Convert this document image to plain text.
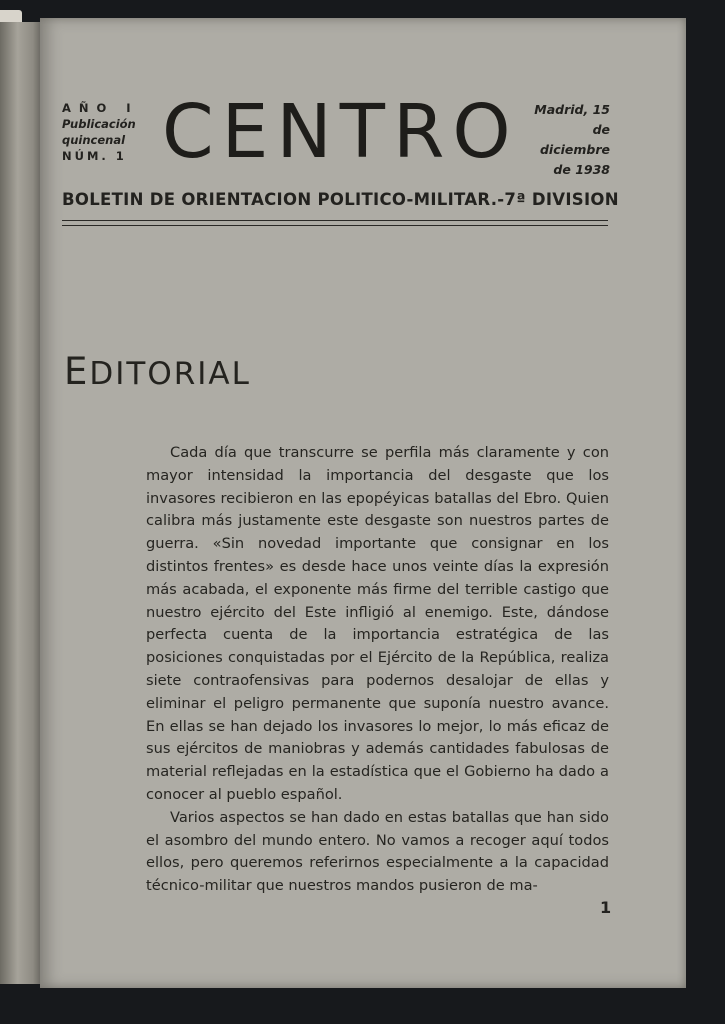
AÑO I
Publicación
quincenal
NÚM. 1 CENTRO	Madrid, 15
de
diciembre
de 1938
BOLETIN DE ORIENTACION POLITICO-MILITAR.-7ª DIVISION
EDITORIAL

Cada día que transcurre se perfila más claramente y con mayor intensidad la importancia del desgaste que los invasores recibieron en las epopéyicas batallas del Ebro. Quien calibra más justamente este desgaste son nuestros partes de guerra. «Sin novedad importante que consignar en los distintos frentes» es desde hace unos veinte días la expresión más acabada, el exponente más firme del terrible castigo que nuestro ejército del Este infligió al enemigo. Este, dándose perfecta cuenta de la importancia estratégica de las posiciones conquistadas por el Ejército de la República, realiza siete contraofensivas para podernos desalojar de ellas y eliminar el peligro permanente que suponía nuestro avance. En ellas se han dejado los invasores lo mejor, lo más eficaz de sus ejércitos de maniobras y además cantidades fabulosas de material reflejadas en la estadística que el Gobierno ha dado a conocer al pueblo español.

Varios aspectos se han dado en estas batallas que han sido el asombro del mundo entero. No vamos a recoger aquí todos ellos, pero queremos referirnos especialmente a la capacidad técnico-militar que nuestros mandos pusieron de ma-

1
